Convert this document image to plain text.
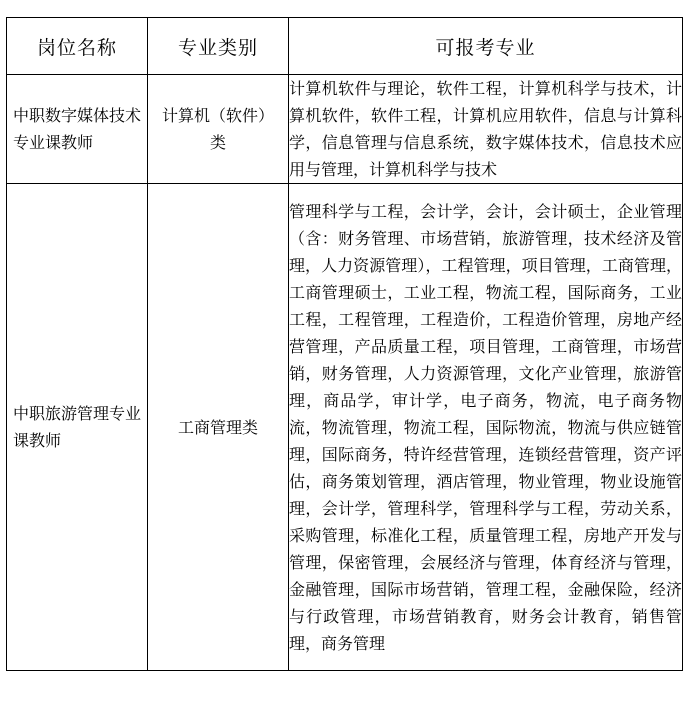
岗位名称	专业类别	可报考专业
中职数字媒体技术专业课教师	计算机（软件）类	计算机软件与理论，软件工程，计算机科学与技术，计算机软件，软件工程，计算机应用软件，信息与计算科学，信息管理与信息系统，数字媒体技术，信息技术应用与管理，计算机科学与技术
中职旅游管理专业课教师	工商管理类	管理科学与工程，会计学，会计，会计硕士，企业管理（含：财务管理、市场营销，旅游管理，技术经济及管理，人力资源管理），工程管理，项目管理，工商管理，工商管理硕士，工业工程，物流工程，国际商务，工业工程，工程管理，工程造价，工程造价管理，房地产经营管理，产品质量工程，项目管理，工商管理，市场营销，财务管理，人力资源管理，文化产业管理，旅游管理，商品学，审计学，电子商务，物流，电子商务物流，物流管理，物流工程，国际物流，物流与供应链管理，国际商务，特许经营管理，连锁经营管理，资产评估，商务策划管理，酒店管理，物业管理，物业设施管理，会计学，管理科学，管理科学与工程，劳动关系，采购管理，标准化工程，质量管理工程，房地产开发与管理，保密管理，会展经济与管理，体育经济与管理，金融管理，国际市场营销，管理工程，金融保险，经济与行政管理，市场营销教育，财务会计教育，销售管理，商务管理
